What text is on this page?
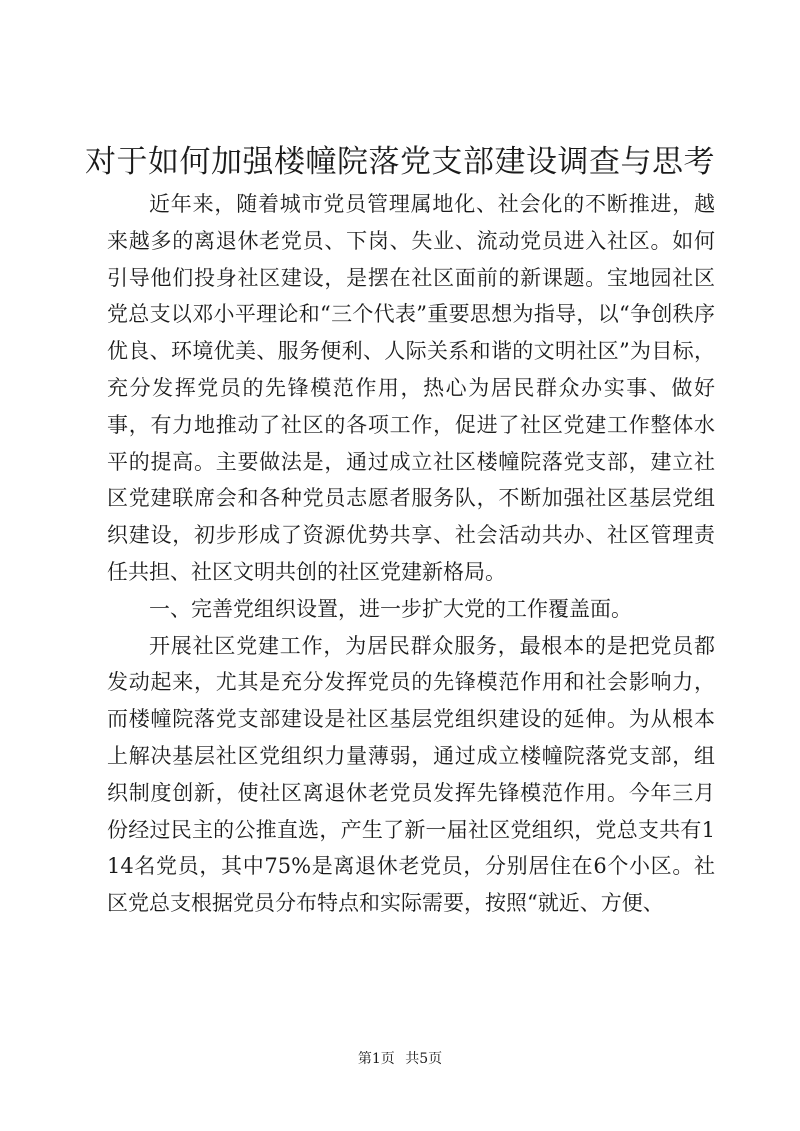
对于如何加强楼幢院落党支部建设调查与思考

近年来，随着城市党员管理属地化、社会化的不断推进，越来越多的离退休老党员、下岗、失业、流动党员进入社区。如何引导他们投身社区建设，是摆在社区面前的新课题。宝地园社区党总支以邓小平理论和“三个代表”重要思想为指导，以“争创秩序优良、环境优美、服务便利、人际关系和谐的文明社区”为目标，充分发挥党员的先锋模范作用，热心为居民群众办实事、做好事，有力地推动了社区的各项工作，促进了社区党建工作整体水平的提高。主要做法是，通过成立社区楼幢院落党支部，建立社区党建联席会和各种党员志愿者服务队，不断加强社区基层党组织建设，初步形成了资源优势共享、社会活动共办、社区管理责任共担、社区文明共创的社区党建新格局。

一、完善党组织设置，进一步扩大党的工作覆盖面。

开展社区党建工作，为居民群众服务，最根本的是把党员都发动起来，尤其是充分发挥党员的先锋模范作用和社会影响力，而楼幢院落党支部建设是社区基层党组织建设的延伸。为从根本上解决基层社区党组织力量薄弱，通过成立楼幢院落党支部，组织制度创新，使社区离退休老党员发挥先锋模范作用。今年三月份经过民主的公推直选，产生了新一届社区党组织，党总支共有114名党员，其中75%是离退休老党员，分别居住在6个小区。社区党总支根据党员分布特点和实际需要，按照“就近、方便、

第1页 共5页
